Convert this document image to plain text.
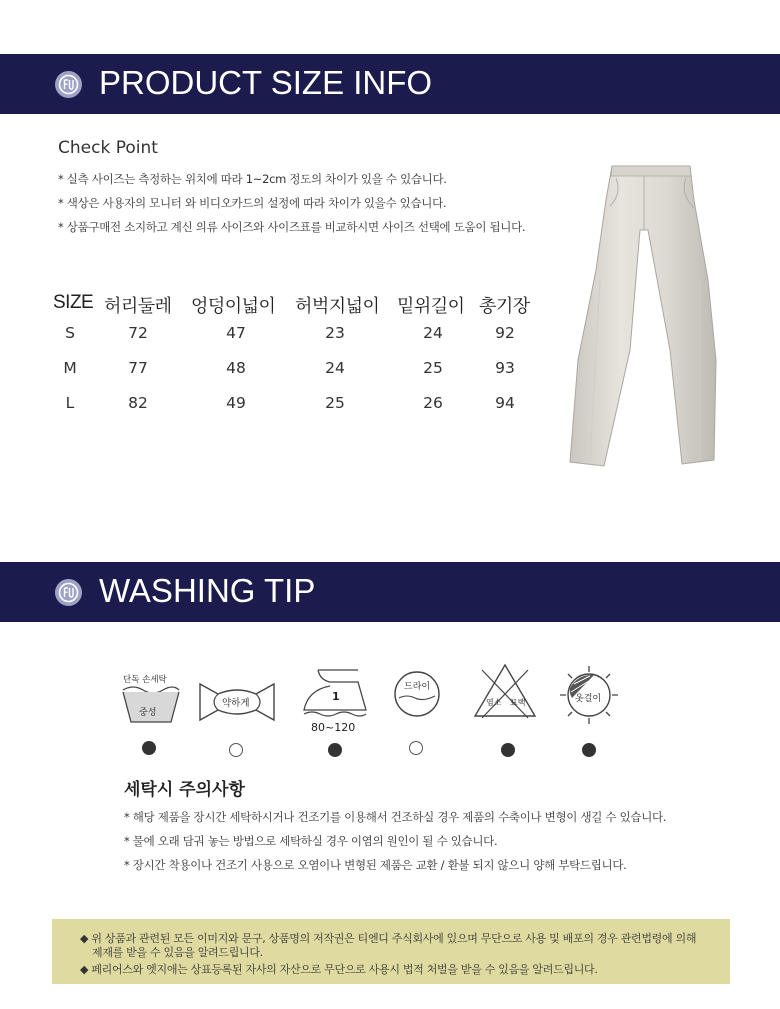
PRODUCT SIZE INFO
Check Point
* 실측 사이즈는 측정하는 위치에 따라 1~2cm 정도의 차이가 있을 수 있습니다.
* 색상은 사용자의 모니터 와 비디오카드의 설정에 따라 차이가 있을수 있습니다.
* 상품구매전 소지하고 계신 의류 사이즈와 사이즈표를 비교하시면 사이즈 선택에 도움이 됩니다.
SIZE 허리둘레 엉덩이넓이 허벅지넓이 밑위길이 총기장
S	72	47	23	24	92
M	77	48	24	25	93
L	82	49	25	26	94
WASHING TIP
단독 손세탁
중성
약하게
1
80~120
드라이
염소 표백	옷걸이
세탁시 주의사항
* 해당 제품을 장시간 세탁하시거나 건조기를 이용해서 건조하실 경우 제품의 수축이나 변형이 생길 수 있습니다.
* 물에 오래 담궈 놓는 방법으로 세탁하실 경우 이염의 원인이 될 수 있습니다.
* 장시간 착용이나 건조기 사용으로 오염이나 변형된 제품은 교환 / 환불 되지 않으니 양해 부탁드립니다.
◆ 위 상품과 관련된 모든 이미지와 문구, 상품명의 저작권은 티엔디 주식회사에 있으며 무단으로 사용 및 배포의 경우 관련법령에 의해
제재를 받을 수 있음을 알려드립니다.
◆ 페리어스와 엣지애는 상표등록된 자사의 자산으로 무단으로 사용시 법적 처벌을 받을 수 있음을 알려드립니다.
